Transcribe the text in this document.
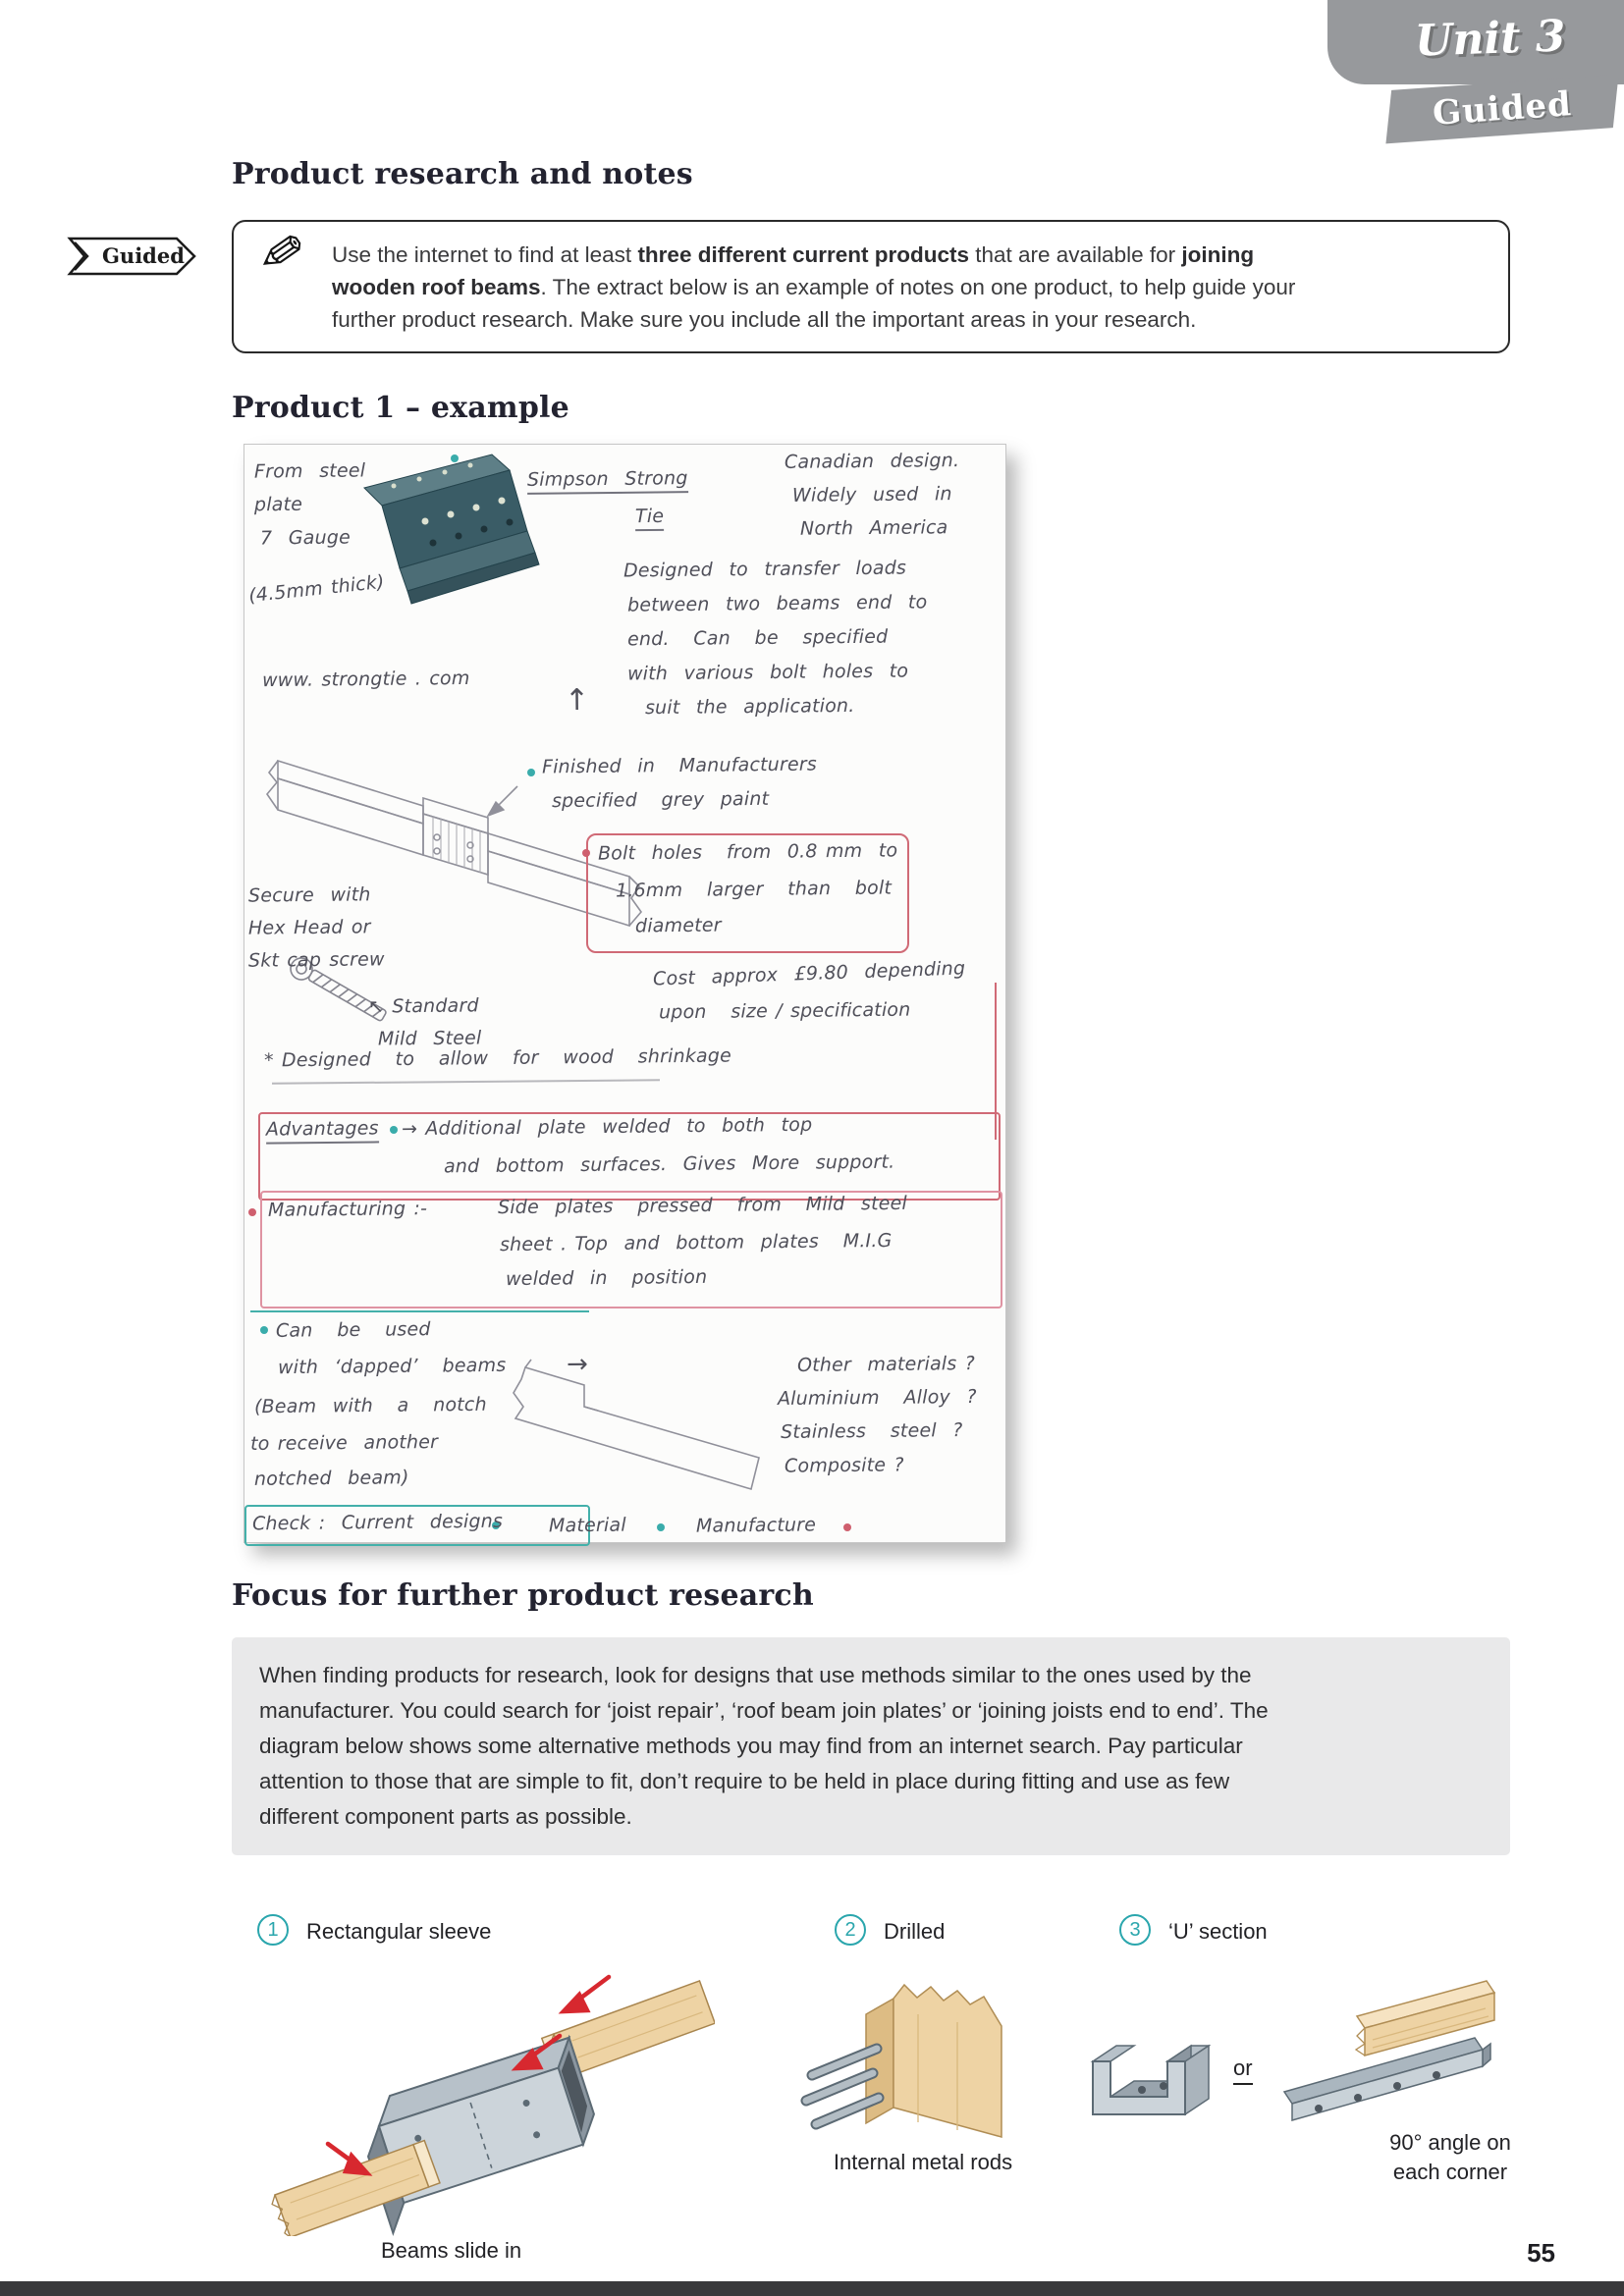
Unit 3
Guided
Product research and notes
Guided ✎ Use the internet to find at least three different current products that are available for joining
wooden roof beams. The extract below is an example of notes on one product, to help guide your
further product research. Make sure you include all the important areas in your research.
Product 1 – example
From  steel
plate
7  Gauge
(4.5mm thick)
Simpson  Strong
Tie
Canadian  design.
Widely  used  in
North  America
Designed  to  transfer  loads
between  two  beams  end  to
end.   Can   be   specified
with  various  bolt  holes  to
suit  the  application.
www. strongtie . com
Finished  in   Manufacturers
specified   grey  paint
Bolt  holes   from  0.8 mm  to
1.6mm   larger   than   bolt
diameter
Secure  with
Hex Head or
Skt cap screw
↖ Standard
Mild  Steel
Cost  approx  £9.80  depending
upon   size / specification
* Designed   to   allow   for   wood   shrinkage
Advantages → Additional  plate  welded  to  both  top
and  bottom  surfaces.  Gives  More  support.
Manufacturing :-	Side  plates   pressed   from   Mild  steel
sheet . Top  and  bottom  plates   M.I.G
welded  in   position
Can   be   used
with  ‘dapped’   beams
(Beam  with   a   notch
to receive  another
notched  beam)
Other  materials ?
Aluminium   Alloy  ?
Stainless   steel  ?
Composite ?
Check :  Current  designs Material	Manufacture
↑
→
Focus for further product research
When finding products for research, look for designs that use methods similar to the ones used by the
manufacturer. You could search for ‘joist repair’, ‘roof beam join plates’ or ‘joining joists end to end’. The
diagram below shows some alternative methods you may find from an internet search. Pay particular
attention to those that are simple to fit, don’t require to be held in place during fitting and use as few
different component parts as possible.
1	Rectangular sleeve	2	Drilled	3	‘U’ section
Beams slide in
Internal metal rods
or
90° angle on
each corner
55
